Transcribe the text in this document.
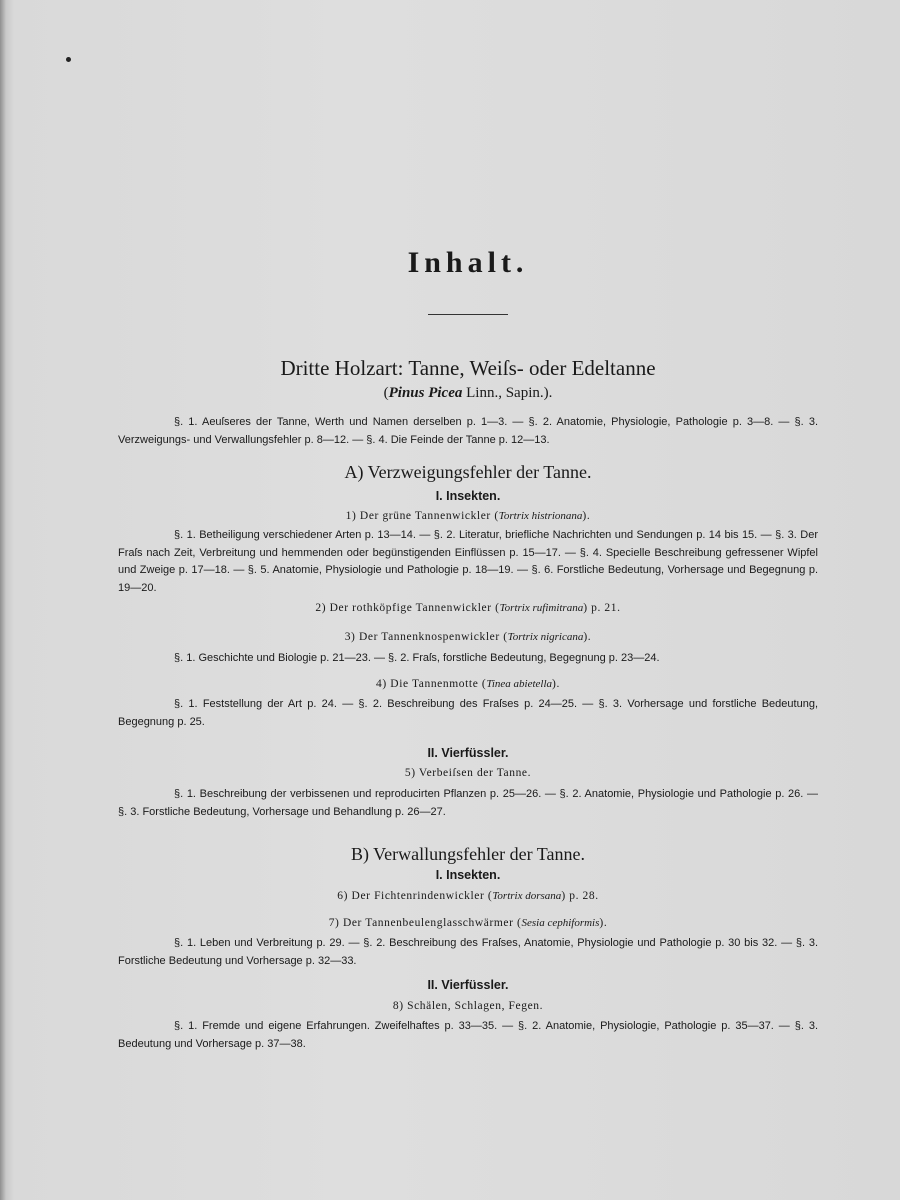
Inhalt.
Dritte Holzart: Tanne, Weiſs- oder Edeltanne
(Pinus Picea Linn., Sapin.).
§. 1. Aeuſseres der Tanne, Werth und Namen derselben p. 1—3. — §. 2. Anatomie, Physiologie, Pathologie p. 3—8. — §. 3. Verzweigungs- und Verwallungsfehler p. 8—12. — §. 4. Die Feinde der Tanne p. 12—13.
A) Verzweigungsfehler der Tanne.
I. Insekten.
1) Der grüne Tannenwickler (Tortrix histrionana).
§. 1. Betheiligung verschiedener Arten p. 13—14. — §. 2. Literatur, briefliche Nachrichten und Sendungen p. 14 bis 15. — §. 3. Der Fraſs nach Zeit, Verbreitung und hemmenden oder begünstigenden Einflüssen p. 15—17. — §. 4. Specielle Beschreibung gefressener Wipfel und Zweige p. 17—18. — §. 5. Anatomie, Physiologie und Pathologie p. 18—19. — §. 6. Forstliche Bedeutung, Vorhersage und Begegnung p. 19—20.
2) Der rothköpfige Tannenwickler (Tortrix rufimitrana) p. 21.
3) Der Tannenknospenwickler (Tortrix nigricana).
§. 1. Geschichte und Biologie p. 21—23. — §. 2. Fraſs, forstliche Bedeutung, Begegnung p. 23—24.
4) Die Tannenmotte (Tinea abietella).
§. 1. Feststellung der Art p. 24. — §. 2. Beschreibung des Fraſses p. 24—25. — §. 3. Vorhersage und forstliche Bedeutung, Begegnung p. 25.
II. Vierfüssler.
5) Verbeiſsen der Tanne.
§. 1. Beschreibung der verbissenen und reproducirten Pflanzen p. 25—26. — §. 2. Anatomie, Physiologie und Pathologie p. 26. — §. 3. Forstliche Bedeutung, Vorhersage und Behandlung p. 26—27.
B) Verwallungsfehler der Tanne.
I. Insekten.
6) Der Fichtenrindenwickler (Tortrix dorsana) p. 28.
7) Der Tannenbeulenglasschwärmer (Sesia cephiformis).
§. 1. Leben und Verbreitung p. 29. — §. 2. Beschreibung des Fraſses, Anatomie, Physiologie und Pathologie p. 30 bis 32. — §. 3. Forstliche Bedeutung und Vorhersage p. 32—33.
II. Vierfüssler.
8) Schälen, Schlagen, Fegen.
§. 1. Fremde und eigene Erfahrungen. Zweifelhaftes p. 33—35. — §. 2. Anatomie, Physiologie, Pathologie p. 35—37. — §. 3. Bedeutung und Vorhersage p. 37—38.
